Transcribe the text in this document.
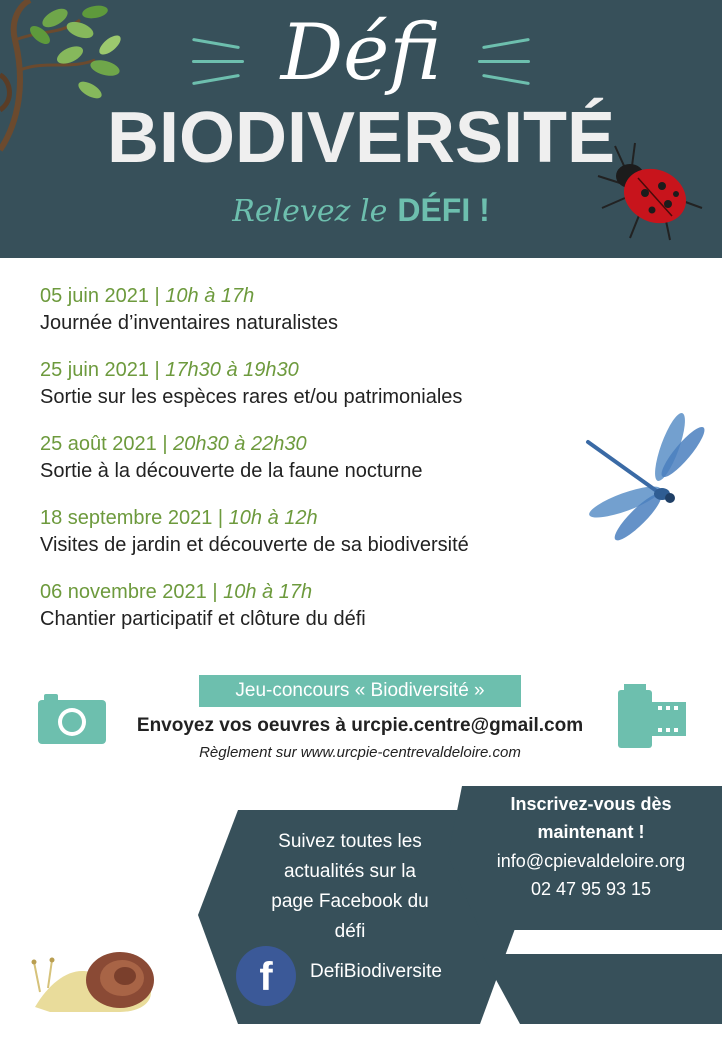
Défi
BIODIVERSITÉ
Relevez le DÉFI !
05 juin 2021 | 10h à 17h
Journée d’inventaires naturalistes
25 juin 2021 | 17h30 à 19h30
Sortie sur les espèces rares et/ou patrimoniales
25 août 2021 | 20h30 à 22h30
Sortie à la découverte de la faune nocturne
18 septembre 2021 | 10h à 12h
Visites de jardin et découverte de sa biodiversité
06 novembre 2021 | 10h à 17h
Chantier participatif et clôture du défi
Jeu-concours « Biodiversité »
Envoyez vos oeuvres à urcpie.centre@gmail.com
Règlement sur www.urcpie-centrevaldeloire.com
Suivez toutes les
actualités sur la
page Facebook du
défi
f DefiBiodiversite
Inscrivez-vous dès
maintenant !
info@cpievaldeloire.org
02 47 95 93 15
